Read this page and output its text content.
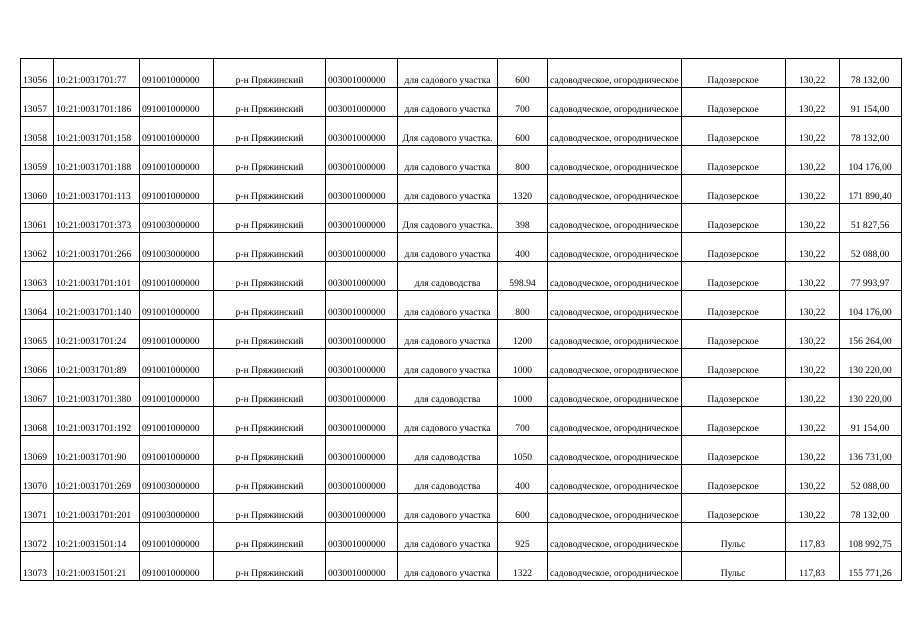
13056	10:21:0031701:77	091001000000	р-н Пряжинский	003001000000	для садового участка	600	садоводческое, огородническое	Падозерское	130,22	78 132,00

13057	10:21:0031701:186	091001000000	р-н Пряжинский	003001000000	для садового участка	700	садоводческое, огородническое	Падозерское	130,22	91 154,00

13058	10:21:0031701:158	091001000000	р-н Пряжинский	003001000000	Для садового участка.	600	садоводческое, огородническое	Падозерское	130,22	78 132,00

13059	10:21:0031701:188	091001000000	р-н Пряжинский	003001000000	для садового участка	800	садоводческое, огородническое	Падозерское	130,22	104 176,00

13060	10:21:0031701:113	091001000000	р-н Пряжинский	003001000000	для садового участка	1320	садоводческое, огородническое	Падозерское	130,22	171 890,40

13061	10:21:0031701:373	091003000000	р-н Пряжинский	003001000000	Для садового участка.	398	садоводческое, огородническое	Падозерское	130,22	51 827,56

13062	10:21:0031701:266	091003000000	р-н Пряжинский	003001000000	для садового участка	400	садоводческое, огородническое	Падозерское	130,22	52 088,00

13063	10:21:0031701:101	091001000000	р-н Пряжинский	003001000000	для садоводства	598.94	садоводческое, огородническое	Падозерское	130,22	77 993,97

13064	10:21:0031701:140	091001000000	р-н Пряжинский	003001000000	для садового участка	800	садоводческое, огородническое	Падозерское	130,22	104 176,00

13065	10:21:0031701:24	091001000000	р-н Пряжинский	003001000000	для садового участка	1200	садоводческое, огородническое	Падозерское	130,22	156 264,00

13066	10:21:0031701:89	091001000000	р-н Пряжинский	003001000000	для садового участка	1000	садоводческое, огородническое	Падозерское	130,22	130 220,00

13067	10:21:0031701:380	091001000000	р-н Пряжинский	003001000000	для садоводства	1000	садоводческое, огородническое	Падозерское	130,22	130 220,00

13068	10:21:0031701:192	091001000000	р-н Пряжинский	003001000000	для садового участка	700	садоводческое, огородническое	Падозерское	130,22	91 154,00

13069	10:21:0031701:90	091001000000	р-н Пряжинский	003001000000	для садоводства	1050	садоводческое, огородническое	Падозерское	130,22	136 731,00

13070	10:21:0031701:269	091003000000	р-н Пряжинский	003001000000	для садоводства	400	садоводческое, огородническое	Падозерское	130,22	52 088,00

13071	10:21:0031701:201	091003000000	р-н Пряжинский	003001000000	для садового участка	600	садоводческое, огородническое	Падозерское	130,22	78 132,00

13072	10:21:0031501:14	091001000000	р-н Пряжинский	003001000000	для садового участка	925	садоводческое, огородническое	Пульс	117,83	108 992,75

13073	10:21:0031501:21	091001000000	р-н Пряжинский	003001000000	для садового участка	1322	садоводческое, огородническое	Пульс	117,83	155 771,26
